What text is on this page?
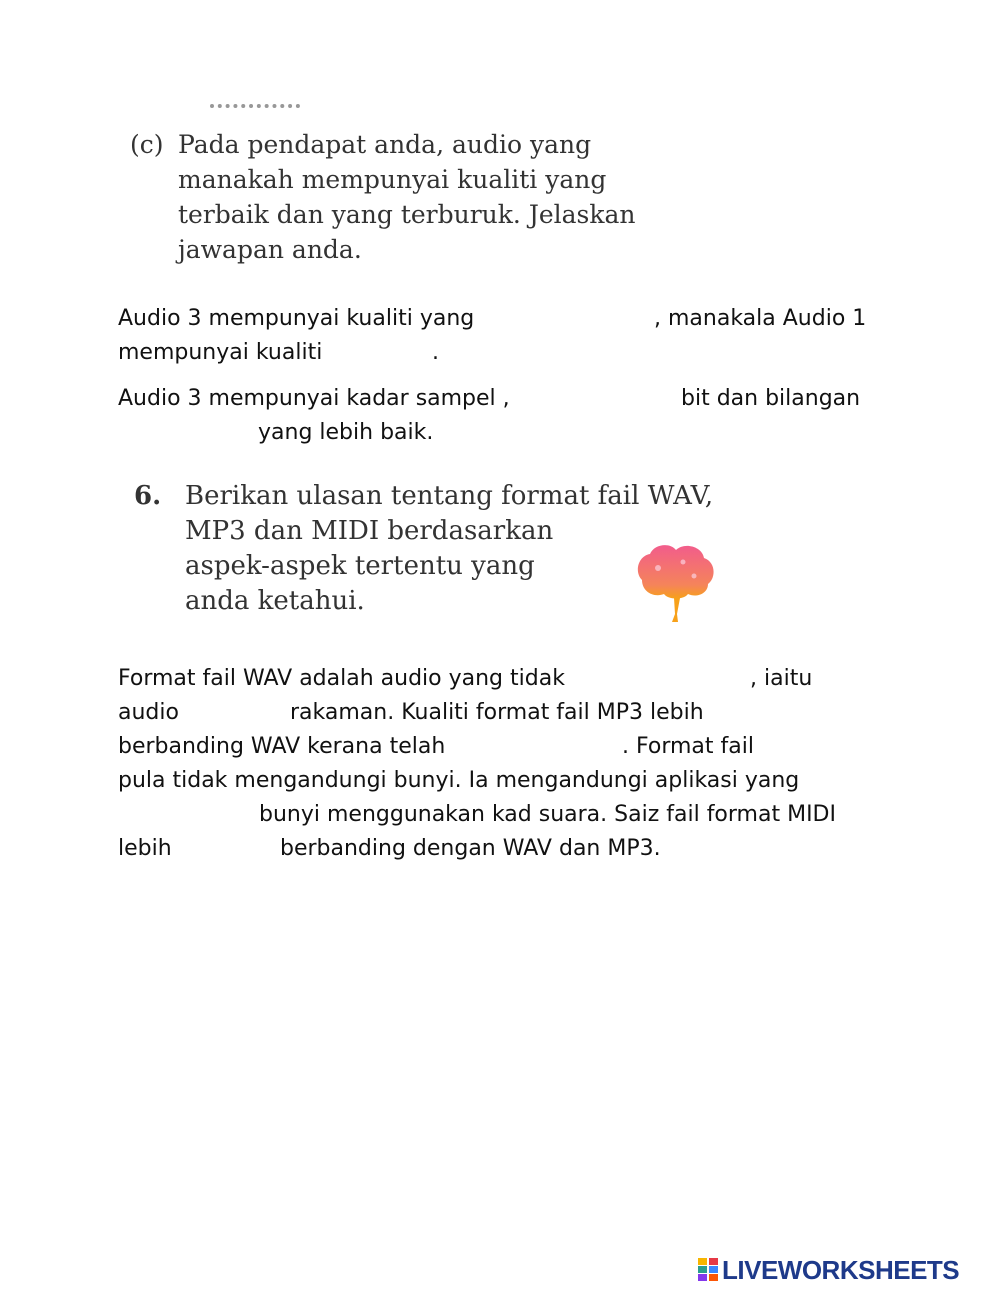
(c) Pada pendapat anda, audio yang
manakah mempunyai kualiti yang
terbaik dan yang terburuk. Jelaskan
jawapan anda.
Audio 3 mempunyai kualiti yang	, manakala Audio 1
mempunyai kualiti	.
Audio 3 mempunyai kadar sampel ,	bit dan bilangan
yang lebih baik.
6. Berikan ulasan tentang format fail WAV,
MP3 dan MIDI berdasarkan
aspek-aspek tertentu yang
anda ketahui.
Format fail WAV adalah audio yang tidak	, iaitu
audio	rakaman. Kualiti format fail MP3 lebih
berbanding WAV kerana telah	. Format fail
pula tidak mengandungi bunyi. Ia mengandungi aplikasi yang
bunyi menggunakan kad suara. Saiz fail format MIDI
lebih	berbanding dengan WAV dan MP3.
LIVEWORKSHEETS
